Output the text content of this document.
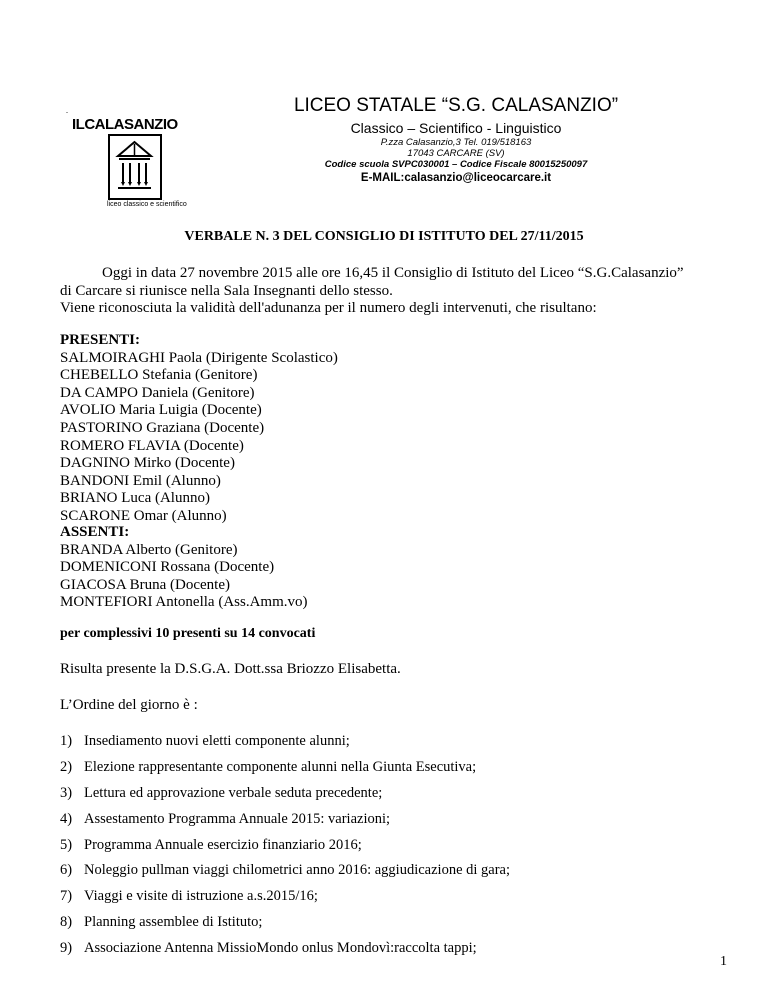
.
ILCALASANZIO
liceo classico e scientifico
LICEO STATALE “S.G. CALASANZIO”
Classico – Scientifico - Linguistico
P.zza Calasanzio,3 Tel. 019/518163
17043 CARCARE (SV)
Codice scuola SVPC030001 – Codice Fiscale 80015250097
E-MAIL:calasanzio@liceocarcare.it
VERBALE N. 3 DEL CONSIGLIO DI ISTITUTO DEL 27/11/2015
Oggi in data 27 novembre 2015 alle ore 16,45 il Consiglio di Istituto del Liceo “S.G.Calasanzio”
di Carcare si riunisce nella Sala Insegnanti dello stesso.
Viene riconosciuta la validità dell'adunanza per il numero degli intervenuti, che risultano:
PRESENTI:
SALMOIRAGHI Paola (Dirigente Scolastico)
CHEBELLO Stefania (Genitore)
DA CAMPO Daniela (Genitore)
AVOLIO Maria Luigia (Docente)
PASTORINO Graziana (Docente)
ROMERO FLAVIA (Docente)
DAGNINO Mirko (Docente)
BANDONI Emil (Alunno)
BRIANO Luca (Alunno)
SCARONE Omar (Alunno)
ASSENTI:
BRANDA Alberto (Genitore)
DOMENICONI Rossana (Docente)
GIACOSA Bruna (Docente)
MONTEFIORI Antonella (Ass.Amm.vo)
per complessivi 10 presenti su 14 convocati
Risulta presente la D.S.G.A. Dott.ssa Briozzo Elisabetta.
L’Ordine del giorno è :
1) Insediamento nuovi eletti componente alunni;
2) Elezione rappresentante componente alunni nella Giunta Esecutiva;
3) Lettura ed approvazione verbale seduta precedente;
4) Assestamento Programma Annuale 2015: variazioni;
5) Programma Annuale esercizio finanziario 2016;
6) Noleggio pullman viaggi chilometrici anno 2016: aggiudicazione di gara;
7) Viaggi e visite di istruzione a.s.2015/16;
8) Planning assemblee di Istituto;
9) Associazione Antenna MissioMondo onlus Mondovì:raccolta tappi;
1
